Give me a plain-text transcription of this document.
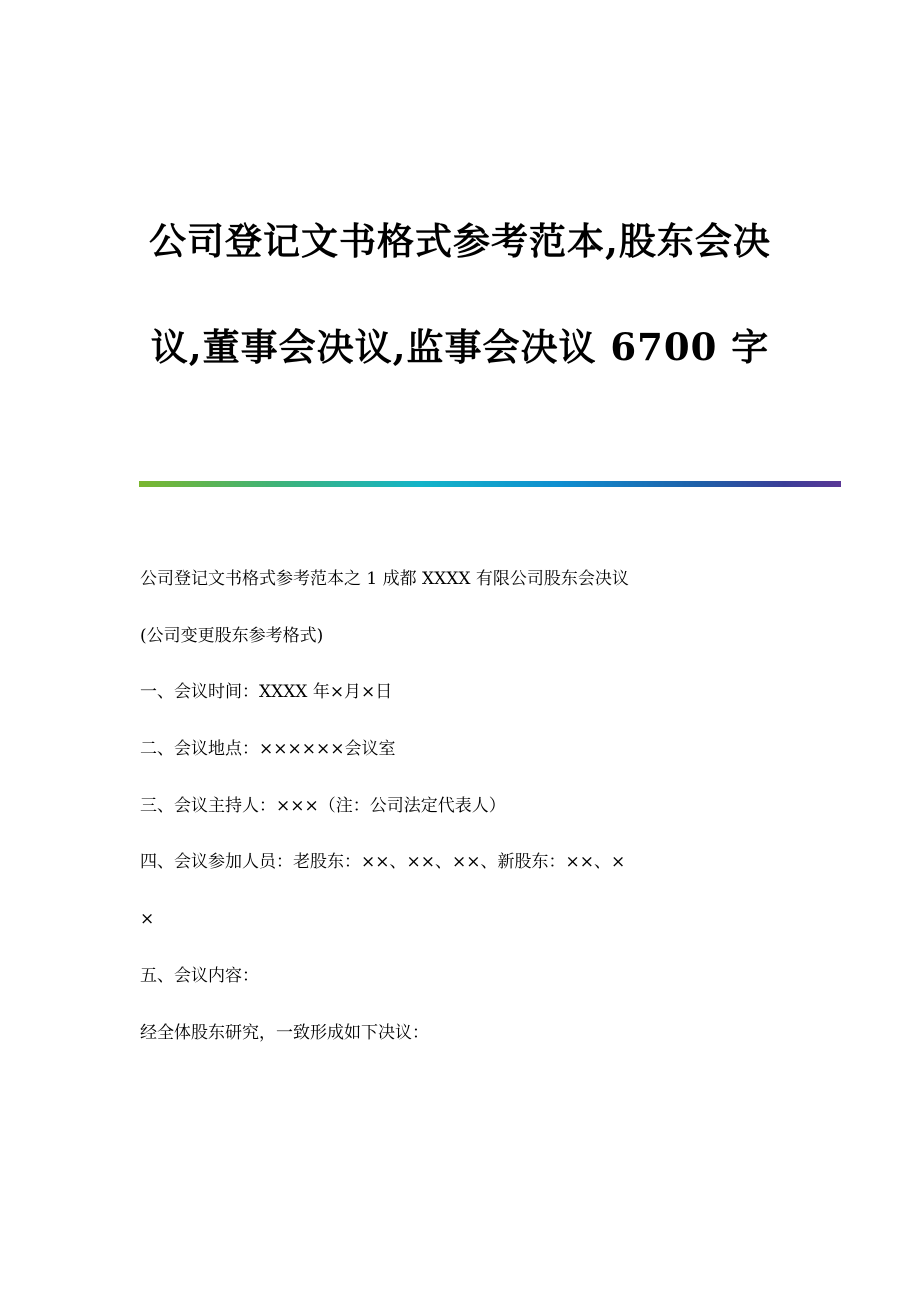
公司登记文书格式参考范本,股东会决
议,董事会决议,监事会决议 6700 字
公司登记文书格式参考范本之 1 成都 XXXX 有限公司股东会决议
(公司变更股东参考格式)
一、会议时间：XXXX 年×月×日
二、会议地点：××××××会议室
三、会议主持人：×××（注：公司法定代表人）
四、会议参加人员：老股东：××、××、××、新股东：××、×
×
五、会议内容：
经全体股东研究，一致形成如下决议：
